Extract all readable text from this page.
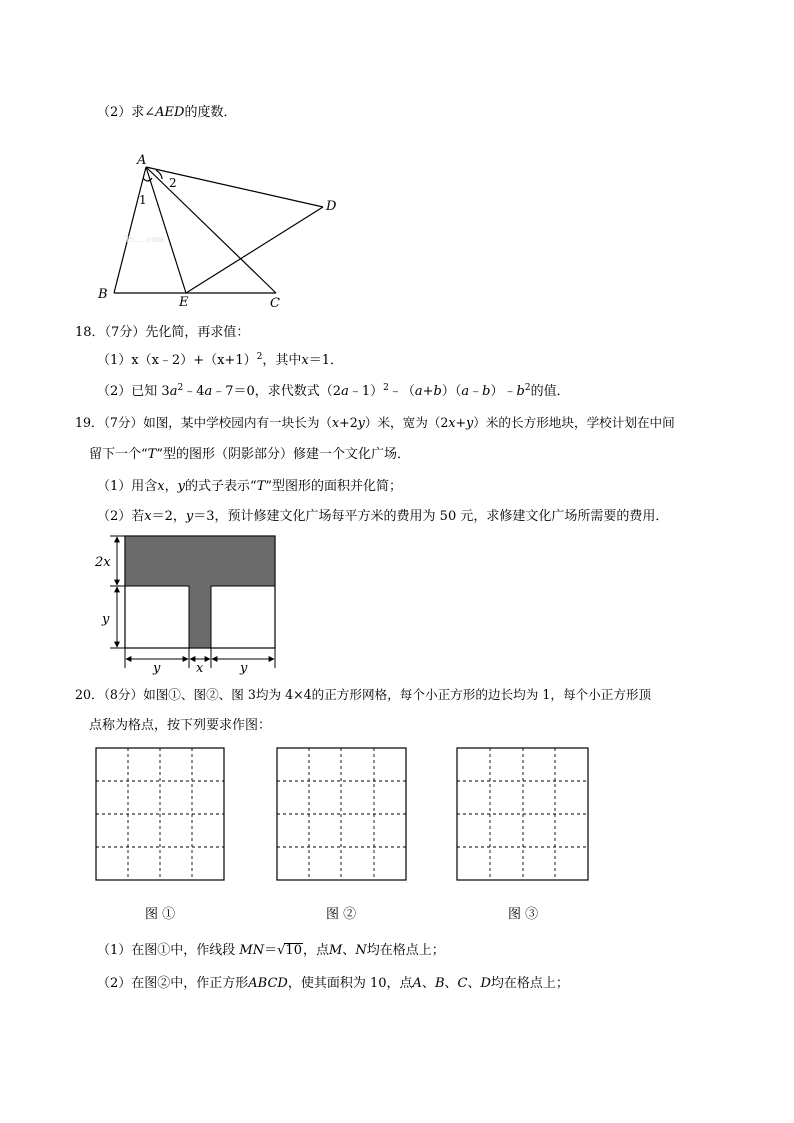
（2）求∠AED的度数．
A
B
E	C
D
1
2
Tc.....com
18．（7分）先化简，再求值：
$(1)x(x﹣2)+(x+1)^2$，其中x＝1．
（2）已知 $3a^2﹣4a﹣7=0$，求代数式$(2a﹣1)^2﹣(a+b)(a﹣b)﹣b^2$的值．
19．（7分）如图，某中学校园内有一块长为（x+2y）米，宽为（2x+y）米的长方形地块，学校计划在中间
留下一个“T”型的图形（阴影部分）修建一个文化广场．
（1）用含x，y的式子表示“T”型图形的面积并化简；
（2）若x＝2，y＝3，预计修建文化广场每平方米的费用为 50 元，求修建文化广场所需要的费用．
2x
y
y	x	y
20．（8分）如图①、图②、图 3均为 4×4的正方形网格，每个小正方形的边长均为 1，每个小正方形顶
点称为格点，按下列要求作图：
图 ①	图 ②	图 ③
（1）在图①中，作线段 MN＝√10，点M、N均在格点上；
（2）在图②中，作正方形ABCD，使其面积为 10，点A、B、C、D均在格点上；
